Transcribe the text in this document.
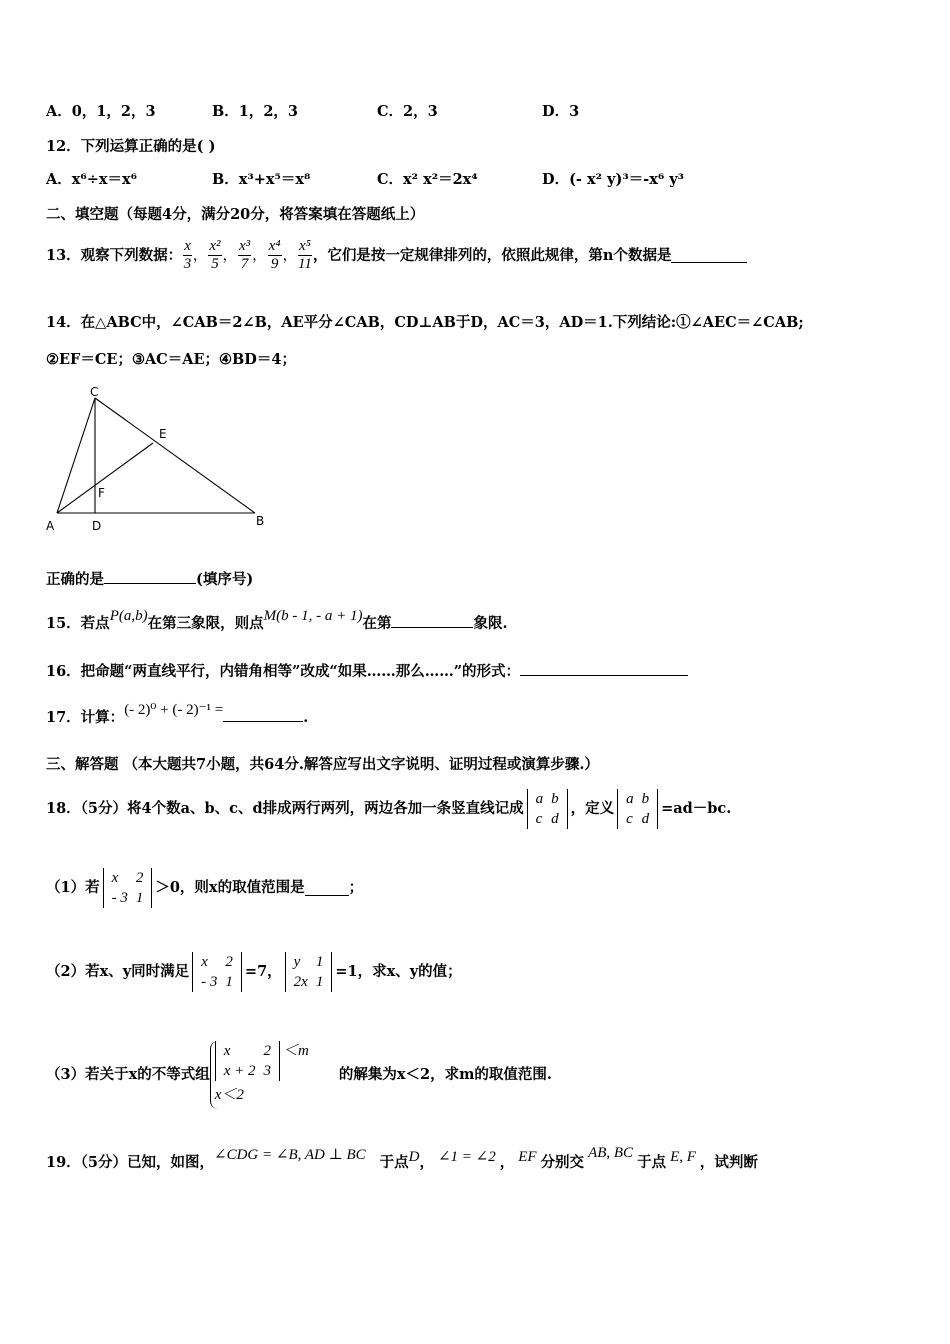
A．0，1，2，3	B．1，2，3	C．2，3	D．3
12．下列运算正确的是( )
A．x⁶÷x＝x⁶	B．x³+x⁵＝x⁸	C．x² x²＝2x⁴	D．(- x² y)³＝-x⁶ y³
二、填空题（每题4分，满分20分，将答案填在答题纸上）
13．观察下列数据： $\frac{x}{3}$ ， $\frac{\text{x²}}{5}$ ， $\frac{\text{x³}}{7}$ ， $\frac{\text{x⁴}}{9}$ ， $\frac{\text{x⁵}}{11}$ ，它们是按一定规律排列的，依照此规律，第n个数据是
14．在△ABC中，∠CAB＝2∠B，AE平分∠CAB，CD⊥AB于D，AC＝3，AD＝1.下列结论:①∠AEC＝∠CAB;
②EF＝CE；③AC＝AE；④BD＝4；
C
E
F
A	D	B
正确的是	(填序号)
15．若点P(a,b)在第三象限，则点M(b - 1, - a + 1)在第	象限.
16．把命题“两直线平行，内错角相等”改成“如果……那么……”的形式：
17．计算：(- 2)⁰ + (- 2)⁻¹ =	.
三、解答题 （本大题共7小题，共64分.解答应写出文字说明、证明过程或演算步骤.）
18．（5分）将4个数a、b、c、d排成两行两列，两边各加一条竖直线记成
a	b
c	d
，定义
a	b
c	d
=ad－bc.
（1）若
x	2
- 3	1
＞0，则x的取值范围是	；
（2）若x、y同时满足
x	2
- 3	1
=7，
y	1
2x	1
=1，求x、y的值；
（3）若关于x的不等式组
x	2
x + 2	3
＜m
x＜2
的解集为x＜2，求m的取值范围.
19．（5分）已知，如图，∠CDG = ∠B, AD ⊥ BC 于点D， ∠1 = ∠2 ， EF 分别交AB, BC于点 E, F ，试判断
